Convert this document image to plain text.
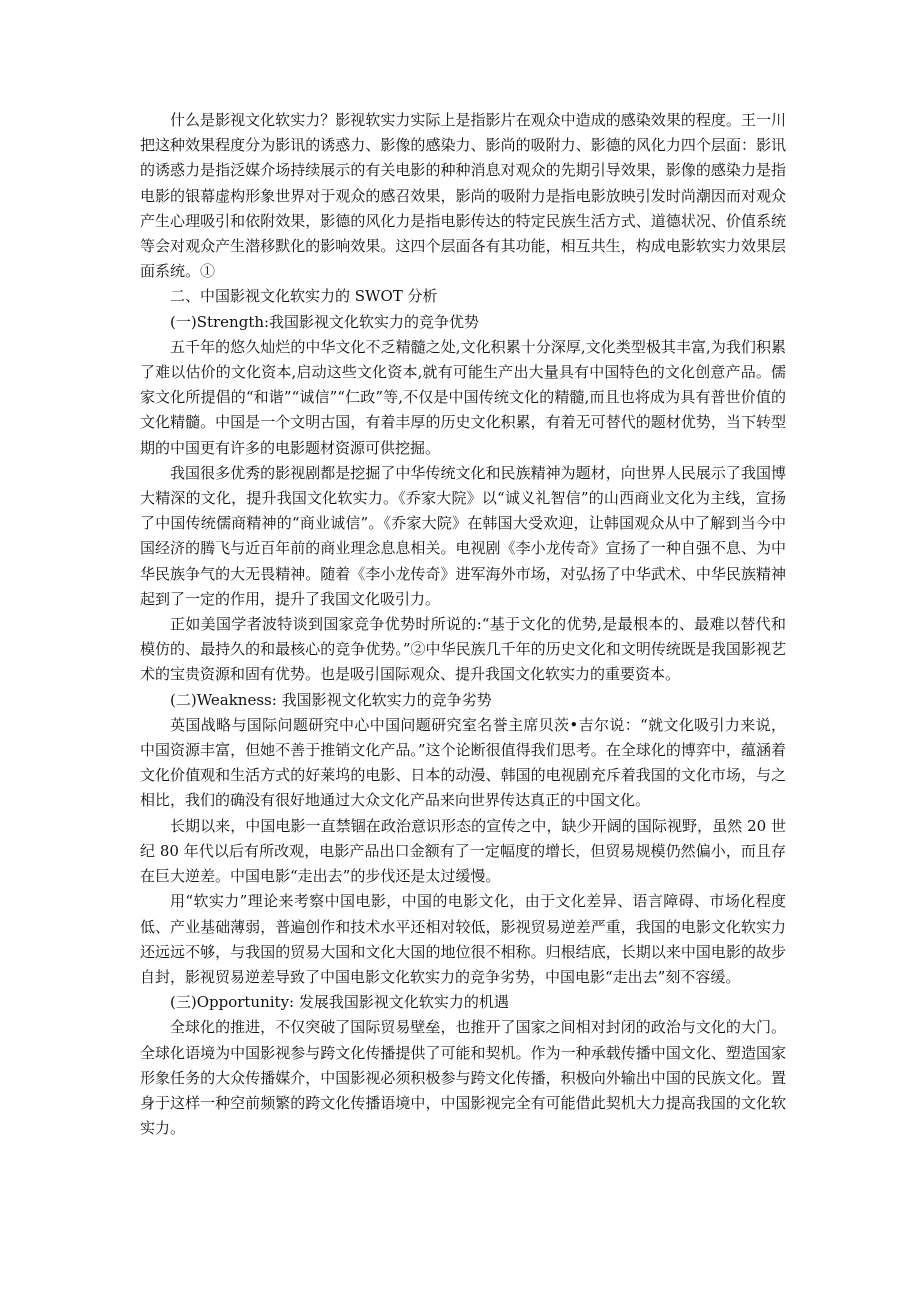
什么是影视文化软实力？影视软实力实际上是指影片在观众中造成的感染效果的程度。王一川把这种效果程度分为影讯的诱惑力、影像的感染力、影尚的吸附力、影德的风化力四个层面：影讯的诱惑力是指泛媒介场持续展示的有关电影的种种消息对观众的先期引导效果，影像的感染力是指电影的银幕虚构形象世界对于观众的感召效果，影尚的吸附力是指电影放映引发时尚潮因而对观众产生心理吸引和依附效果，影德的风化力是指电影传达的特定民族生活方式、道德状况、价值系统等会对观众产生潜移默化的影响效果。这四个层面各有其功能，相互共生，构成电影软实力效果层面系统。①

二、中国影视文化软实力的 SWOT 分析

(一)Strength:我国影视文化软实力的竞争优势

五千年的悠久灿烂的中华文化不乏精髓之处,文化积累十分深厚,文化类型极其丰富,为我们积累了难以估价的文化资本,启动这些文化资本,就有可能生产出大量具有中国特色的文化创意产品。儒家文化所提倡的“和谐”“诚信”“仁政”等,不仅是中国传统文化的精髓,而且也将成为具有普世价值的文化精髓。中国是一个文明古国，有着丰厚的历史文化积累，有着无可替代的题材优势，当下转型期的中国更有许多的电影题材资源可供挖掘。

我国很多优秀的影视剧都是挖掘了中华传统文化和民族精神为题材，向世界人民展示了我国博大精深的文化，提升我国文化软实力。《乔家大院》以“诚义礼智信”的山西商业文化为主线，宣扬了中国传统儒商精神的“商业诚信”。《乔家大院》在韩国大受欢迎，让韩国观众从中了解到当今中国经济的腾飞与近百年前的商业理念息息相关。电视剧《李小龙传奇》宣扬了一种自强不息、为中华民族争气的大无畏精神。随着《李小龙传奇》进军海外市场，对弘扬了中华武术、中华民族精神起到了一定的作用，提升了我国文化吸引力。

正如美国学者波特谈到国家竞争优势时所说的:“基于文化的优势,是最根本的、最难以替代和模仿的、最持久的和最核心的竞争优势。”②中华民族几千年的历史文化和文明传统既是我国影视艺术的宝贵资源和固有优势。也是吸引国际观众、提升我国文化软实力的重要资本。

(二)Weakness: 我国影视文化软实力的竞争劣势

英国战略与国际问题研究中心中国问题研究室名誉主席贝茨•吉尔说：“就文化吸引力来说，中国资源丰富，但她不善于推销文化产品。”这个论断很值得我们思考。在全球化的博弈中，蕴涵着文化价值观和生活方式的好莱坞的电影、日本的动漫、韩国的电视剧充斥着我国的文化市场，与之相比，我们的确没有很好地通过大众文化产品来向世界传达真正的中国文化。

长期以来，中国电影一直禁锢在政治意识形态的宣传之中，缺少开阔的国际视野，虽然 20 世纪 80 年代以后有所改观，电影产品出口金额有了一定幅度的增长，但贸易规模仍然偏小，而且存在巨大逆差。中国电影“走出去”的步伐还是太过缓慢。

用“软实力”理论来考察中国电影，中国的电影文化，由于文化差异、语言障碍、市场化程度低、产业基础薄弱，普遍创作和技术水平还相对较低，影视贸易逆差严重，我国的电影文化软实力还远远不够，与我国的贸易大国和文化大国的地位很不相称。归根结底，长期以来中国电影的故步自封，影视贸易逆差导致了中国电影文化软实力的竞争劣势，中国电影“走出去”刻不容缓。

(三)Opportunity: 发展我国影视文化软实力的机遇

全球化的推进，不仅突破了国际贸易壁垒，也推开了国家之间相对封闭的政治与文化的大门。全球化语境为中国影视参与跨文化传播提供了可能和契机。作为一种承载传播中国文化、塑造国家形象任务的大众传播媒介，中国影视必须积极参与跨文化传播，积极向外输出中国的民族文化。置身于这样一种空前频繁的跨文化传播语境中，中国影视完全有可能借此契机大力提高我国的文化软实力。
